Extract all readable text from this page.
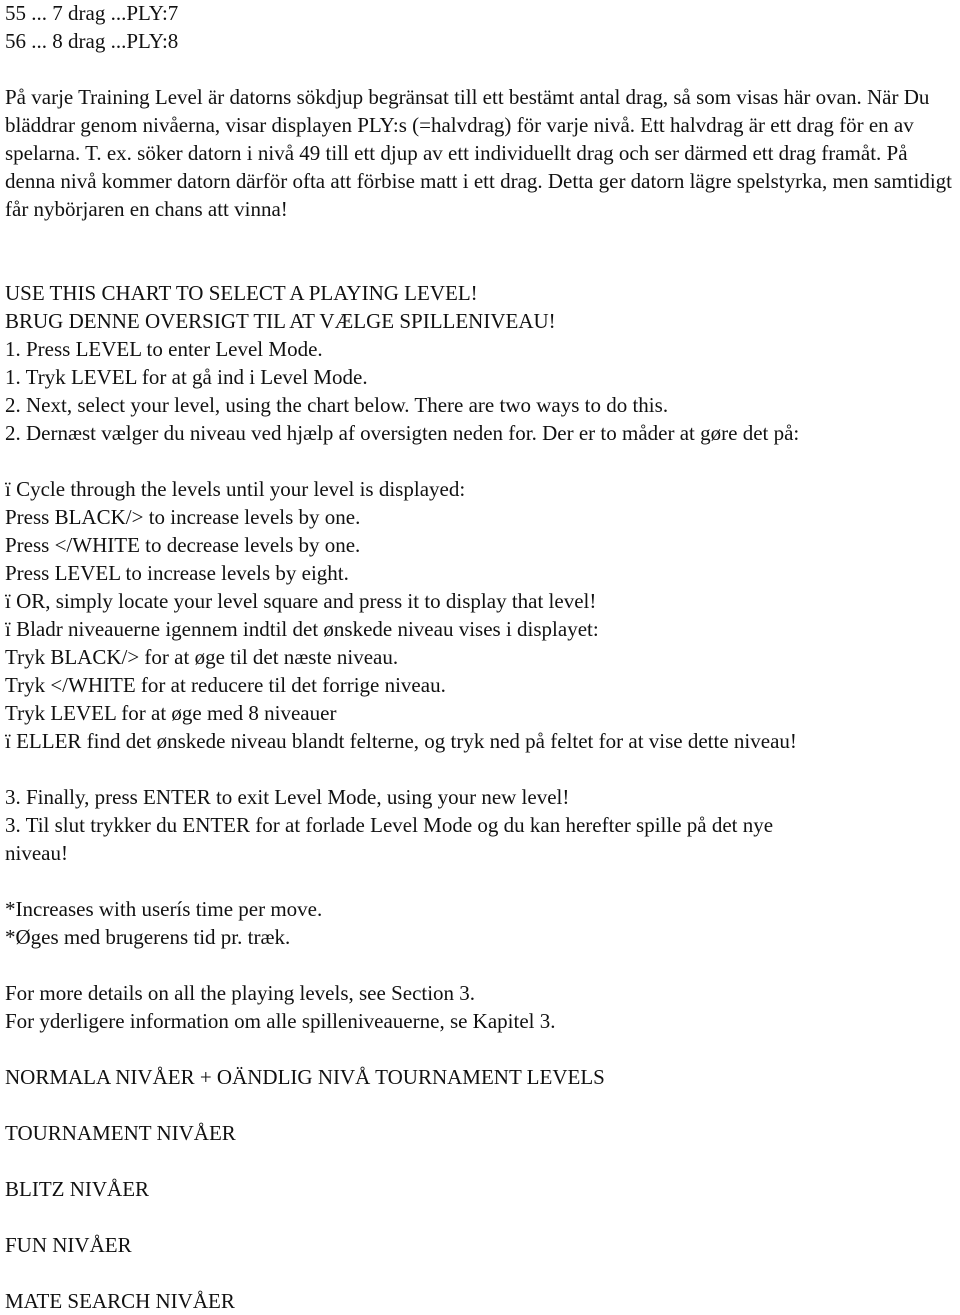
55 ... 7 drag ...PLY:7
56 ... 8 drag ...PLY:8
På varje Training Level är datorns sökdjup begränsat till ett bestämt antal drag, så som visas här ovan. När Du bläddrar genom nivåerna, visar displayen PLY:s (=halvdrag) för varje nivå. Ett halvdrag är ett drag för en av spelarna. T. ex. söker datorn i nivå 49 till ett djup av ett individuellt drag och ser därmed ett drag framåt. På denna nivå kommer datorn därför ofta att förbise matt i ett drag. Detta ger datorn lägre spelstyrka, men samtidigt får nybörjaren en chans att vinna!
USE THIS CHART TO SELECT A PLAYING LEVEL!
BRUG DENNE OVERSIGT TIL AT VÆLGE SPILLENIVEAU!
1. Press LEVEL to enter Level Mode.
1. Tryk LEVEL for at gå ind i Level Mode.
2. Next, select your level, using the chart below. There are two ways to do this.
2. Dernæst vælger du niveau ved hjælp af oversigten neden for. Der er to måder at gøre det på:
ï Cycle through the levels until your level is displayed:
Press BLACK/> to increase levels by one.
Press </WHITE to decrease levels by one.
Press LEVEL to increase levels by eight.
ï OR, simply locate your level square and press it to display that level!
ï Bladr niveauerne igennem indtil det ønskede niveau vises i displayet:
Tryk BLACK/> for at øge til det næste niveau.
Tryk </WHITE for at reducere til det forrige niveau.
Tryk LEVEL for at øge med 8 niveauer
ï ELLER find det ønskede niveau blandt felterne, og tryk ned på feltet for at vise dette niveau!
3. Finally, press ENTER to exit Level Mode, using your new level!
3. Til slut trykker du ENTER for at forlade Level Mode og du kan herefter spille på det nye
niveau!
*Increases with userís time per move.
*Øges med brugerens tid pr. træk.
For more details on all the playing levels, see Section 3.
For yderligere information om alle spilleniveauerne, se Kapitel 3.
NORMALA NIVÅER + OÄNDLIG NIVÅ TOURNAMENT LEVELS
TOURNAMENT NIVÅER
BLITZ NIVÅER
FUN NIVÅER
MATE SEARCH NIVÅER
